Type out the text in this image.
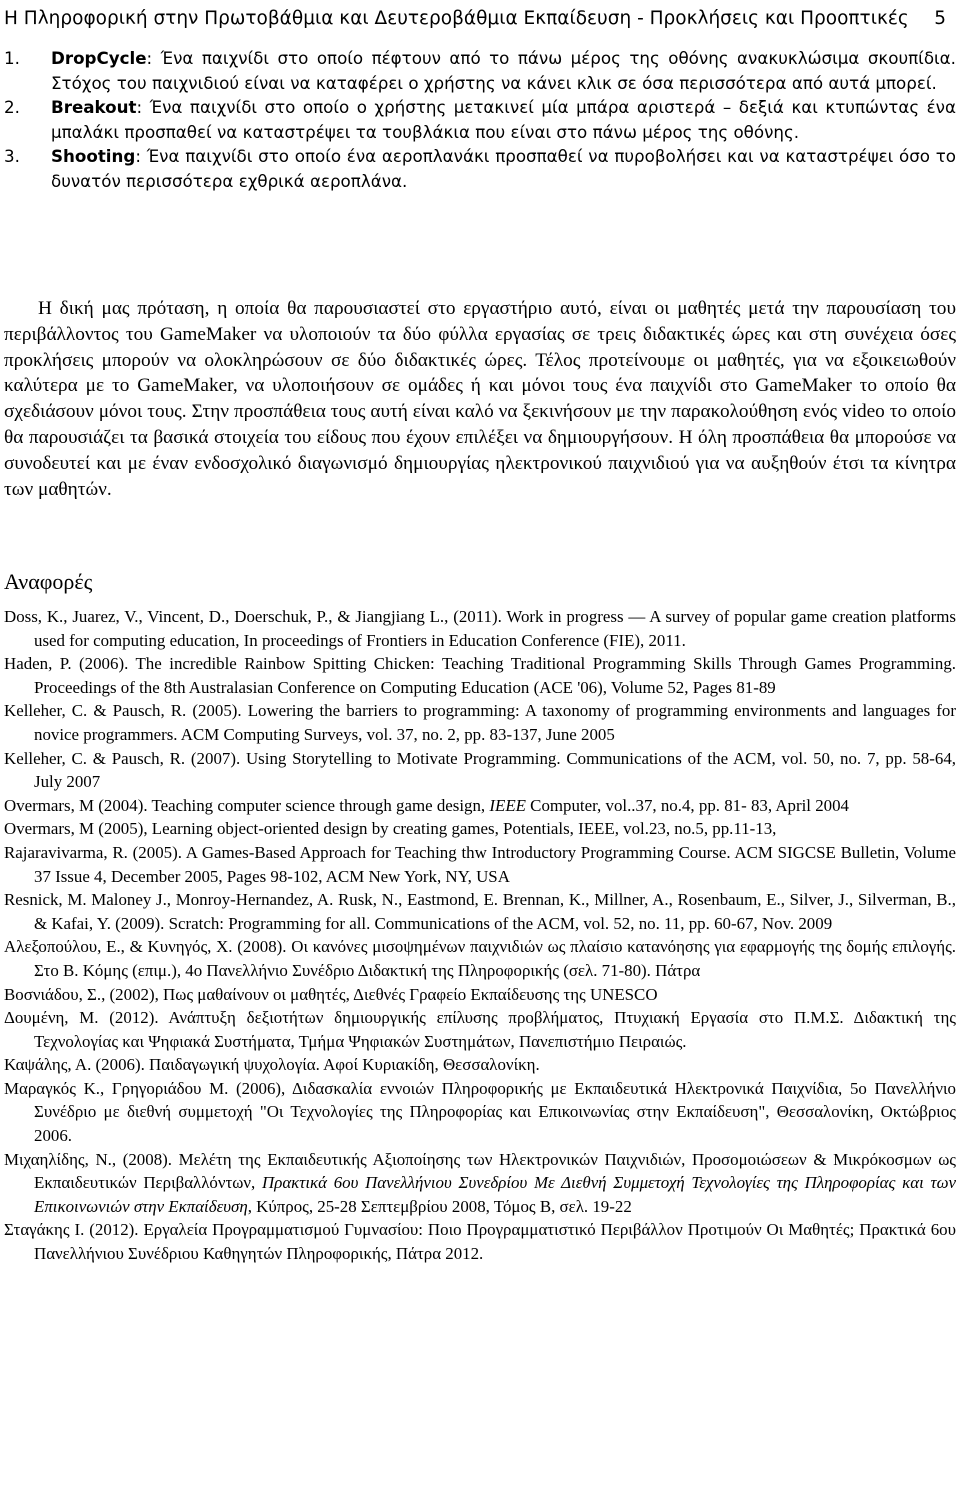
Η Πληροφορική στην Πρωτοβάθμια και Δευτεροβάθμια Εκπαίδευση - Προκλήσεις και Προοπτικές 5
1. DropCycle: Ένα παιχνίδι στο οποίο πέφτουν από το πάνω μέρος της οθόνης ανακυκλώσιμα σκουπίδια. Στόχος του παιχνιδιού είναι να καταφέρει ο χρήστης να κάνει κλικ σε όσα περισσότερα από αυτά μπορεί.
2. Breakout: Ένα παιχνίδι στο οποίο ο χρήστης μετακινεί μία μπάρα αριστερά – δεξιά και κτυπώντας ένα μπαλάκι προσπαθεί να καταστρέψει τα τουβλάκια που είναι στο πάνω μέρος της οθόνης.
3. Shooting: Ένα παιχνίδι στο οποίο ένα αεροπλανάκι προσπαθεί να πυροβολήσει και να καταστρέψει όσο το δυνατόν περισσότερα εχθρικά αεροπλάνα.

Η δική μας πρόταση, η οποία θα παρουσιαστεί στο εργαστήριο αυτό, είναι οι μαθητές μετά την παρουσίαση του περιβάλλοντος του GameMaker να υλοποιούν τα δύο φύλλα εργασίας σε τρεις διδακτικές ώρες και στη συνέχεια όσες προκλήσεις μπορούν να ολοκληρώσουν σε δύο διδακτικές ώρες. Τέλος προτείνουμε οι μαθητές, για να εξοικειωθούν καλύτερα με το GameMaker, να υλοποιήσουν σε ομάδες ή και μόνοι τους ένα παιχνίδι στο GameMaker το οποίο θα σχεδιάσουν μόνοι τους. Στην προσπάθεια τους αυτή είναι καλό να ξεκινήσουν με την παρακολούθηση ενός video το οποίο θα παρουσιάζει τα βασικά στοιχεία του είδους που έχουν επιλέξει να δημιουργήσουν. Η όλη προσπάθεια θα μπορούσε να συνοδευτεί και με έναν ενδοσχολικό διαγωνισμό δημιουργίας ηλεκτρονικού παιχνιδιού για να αυξηθούν έτσι τα κίνητρα των μαθητών.

Αναφορές
Doss, K., Juarez, V., Vincent, D., Doerschuk, P., & Jiangjiang L., (2011). Work in progress — A survey of popular game creation platforms used for computing education, In proceedings of Frontiers in Education Conference (FIE), 2011.
Haden, P. (2006). The incredible Rainbow Spitting Chicken: Teaching Traditional Programming Skills Through Games Programming. Proceedings of the 8th Australasian Conference on Computing Education (ACE '06), Volume 52, Pages 81-89
Kelleher, C. & Pausch, R. (2005). Lowering the barriers to programming: A taxonomy of programming environments and languages for novice programmers. ACM Computing Surveys, vol. 37, no. 2, pp. 83-137, June 2005
Kelleher, C. & Pausch, R. (2007). Using Storytelling to Motivate Programming. Communications of the ACM, vol. 50, no. 7, pp. 58-64, July 2007
Overmars, M (2004). Teaching computer science through game design, IEEE Computer, vol..37, no.4, pp. 81- 83, April 2004
Overmars, M (2005), Learning object-oriented design by creating games, Potentials, IEEE, vol.23, no.5, pp.11-13,
Rajaravivarma, R. (2005). A Games-Based Approach for Teaching thw Introductory Programming Course. ACM SIGCSE Bulletin, Volume 37 Issue 4, December 2005, Pages 98-102, ACM New York, NY, USA
Resnick, M. Maloney J., Monroy-Hernandez, A. Rusk, N., Eastmond, E. Brennan, K., Millner, A., Rosenbaum, E., Silver, J., Silverman, B., & Kafai, Y. (2009). Scratch: Programming for all. Communications of the ACM, vol. 52, no. 11, pp. 60-67, Nov. 2009
Αλεξοπούλου, Ε., & Κυνηγός, Χ. (2008). Οι κανόνες μισοψημένων παιχνιδιών ως πλαίσιο κατανόησης για εφαρμογής της δομής επιλογής. Στο Β. Κόμης (επιμ.), 4ο Πανελλήνιο Συνέδριο Διδακτική της Πληροφορικής (σελ. 71-80). Πάτρα
Βοσνιάδου, Σ., (2002), Πως μαθαίνουν οι μαθητές, Διεθνές Γραφείο Εκπαίδευσης της UNESCO
Δουμένη, Μ. (2012). Ανάπτυξη δεξιοτήτων δημιουργικής επίλυσης προβλήματος, Πτυχιακή Εργασία στο Π.Μ.Σ. Διδακτική της Τεχνολογίας και Ψηφιακά Συστήματα, Τμήμα Ψηφιακών Συστημάτων, Πανεπιστήμιο Πειραιώς.
Καψάλης, Α. (2006). Παιδαγωγική ψυχολογία. Αφοί Κυριακίδη, Θεσσαλονίκη.
Μαραγκός Κ., Γρηγοριάδου Μ. (2006), Διδασκαλία εννοιών Πληροφορικής με Εκπαιδευτικά Ηλεκτρονικά Παιχνίδια, 5ο Πανελλήνιο Συνέδριο με διεθνή συμμετοχή "Οι Τεχνολογίες της Πληροφορίας και Επικοινωνίας στην Εκπαίδευση", Θεσσαλονίκη, Οκτώβριος 2006.
Μιχαηλίδης, Ν., (2008). Μελέτη της Εκπαιδευτικής Αξιοποίησης των Ηλεκτρονικών Παιχνιδιών, Προσομοιώσεων & Μικρόκοσμων ως Εκπαιδευτικών Περιβαλλόντων, Πρακτικά 6ου Πανελλήνιου Συνεδρίου Με Διεθνή Συμμετοχή Τεχνολογίες της Πληροφορίας και των Επικοινωνιών στην Εκπαίδευση, Κύπρος, 25-28 Σεπτεμβρίου 2008, Τόμος Β, σελ. 19-22
Σταγάκης Ι. (2012). Εργαλεία Προγραμματισμού Γυμνασίου: Ποιο Προγραμματιστικό Περιβάλλον Προτιμούν Οι Μαθητές; Πρακτικά 6ου Πανελλήνιου Συνέδριου Καθηγητών Πληροφορικής, Πάτρα 2012.
